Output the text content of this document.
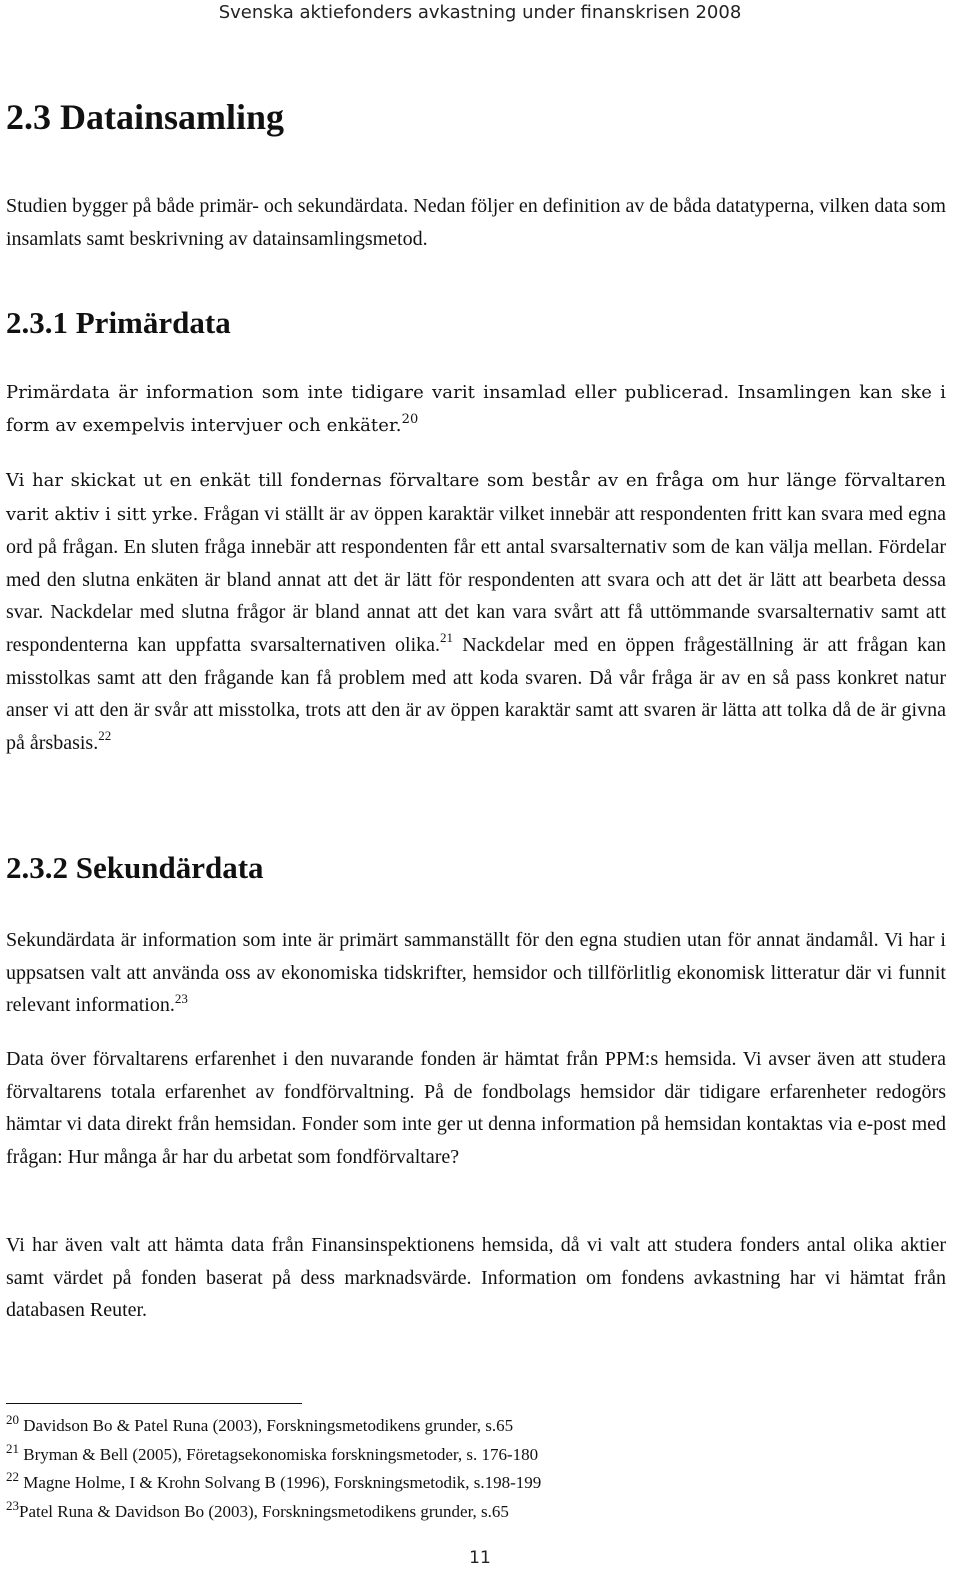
Svenska aktiefonders avkastning under finanskrisen 2008
2.3 Datainsamling

Studien bygger på både primär- och sekundärdata. Nedan följer en definition av de båda datatyperna, vilken data som insamlats samt beskrivning av datainsamlingsmetod.

2.3.1 Primärdata

Primärdata är information som inte tidigare varit insamlad eller publicerad. Insamlingen kan ske i form av exempelvis intervjuer och enkäter.$^{20}$

Vi har skickat ut en enkät till fondernas förvaltare som består av en fråga om hur länge förvaltaren varit aktiv i sitt yrke. Frågan vi ställt är av öppen karaktär vilket innebär att respondenten fritt kan svara med egna ord på frågan. En sluten fråga innebär att respondenten får ett antal svarsalternativ som de kan välja mellan. Fördelar med den slutna enkäten är bland annat att det är lätt för respondenten att svara och att det är lätt att bearbeta dessa svar. Nackdelar med slutna frågor är bland annat att det kan vara svårt att få uttömmande svarsalternativ samt att respondenterna kan uppfatta svarsalternativen olika.$^{21}$ Nackdelar med en öppen frågeställning är att frågan kan misstolkas samt att den frågande kan få problem med att koda svaren. Då vår fråga är av en så pass konkret natur anser vi att den är svår att misstolka, trots att den är av öppen karaktär samt att svaren är lätta att tolka då de är givna på årsbasis.$^{22}$

2.3.2 Sekundärdata

Sekundärdata är information som inte är primärt sammanställt för den egna studien utan för annat ändamål. Vi har i uppsatsen valt att använda oss av ekonomiska tidskrifter, hemsidor och tillförlitlig ekonomisk litteratur där vi funnit relevant information.$^{23}$

Data över förvaltarens erfarenhet i den nuvarande fonden är hämtat från PPM:s hemsida. Vi avser även att studera förvaltarens totala erfarenhet av fondförvaltning. På de fondbolags hemsidor där tidigare erfarenheter redogörs hämtar vi data direkt från hemsidan. Fonder som inte ger ut denna information på hemsidan kontaktas via e-post med frågan: Hur många år har du arbetat som fondförvaltare?

Vi har även valt att hämta data från Finansinspektionens hemsida, då vi valt att studera fonders antal olika aktier samt värdet på fonden baserat på dess marknadsvärde. Information om fondens avkastning har vi hämtat från databasen Reuter.

$^{20}$ Davidson Bo & Patel Runa (2003), Forskningsmetodikens grunder, s.65

$^{21}$ Bryman & Bell (2005), Företagsekonomiska forskningsmetoder, s. 176-180

$^{22}$ Magne Holme, I & Krohn Solvang B (1996), Forskningsmetodik, s.198-199

$^{23}$Patel Runa & Davidson Bo (2003), Forskningsmetodikens grunder, s.65

11
